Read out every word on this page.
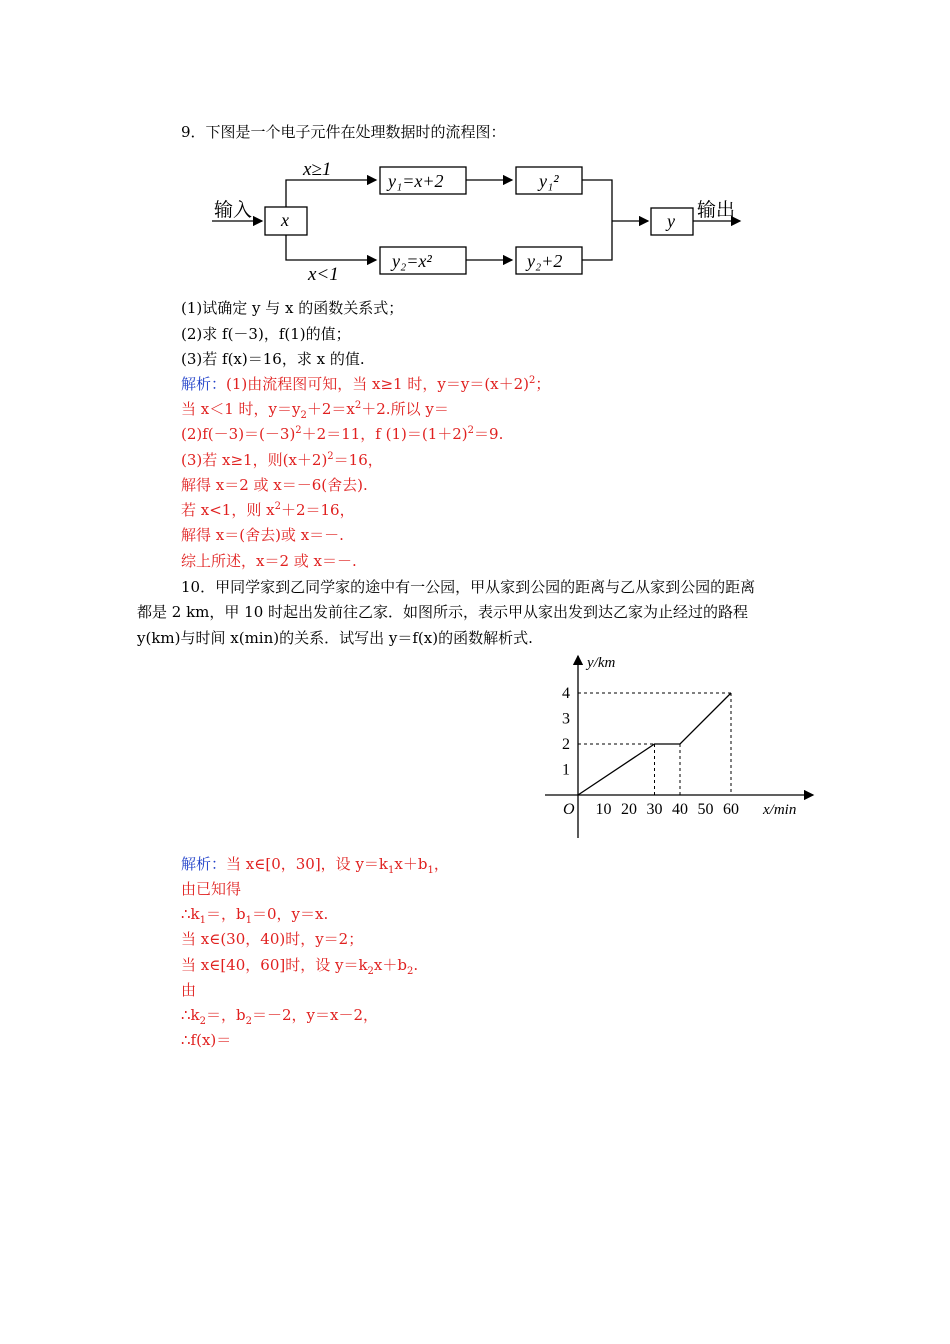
9．下图是一个电子元件在处理数据时的流程图：
输入 x
x≥1
x<1
y₁=x+2	y₁²
y₂=x²	y₂+2
y 输出
(1)试确定 y 与 x 的函数关系式；
(2)求 f(－3)，f(1)的值；
(3)若 f(x)＝16，求 x 的值.
解析：(1)由流程图可知，当 x≥1 时，$y=y=(x+2)^2$；
当 x＜1 时，$y=y_2+2=x^2+2$.所以 y＝
$(2)f(-3)=(-3)^2+2=11$，f $(1)=(1+2)^2=9$.
(3)若 x≥1，则$(x+2)^2=16$，
解得 x＝2 或 x＝－6(舍去).
若 x<1，则 $x^2+2=16$，
解得 x＝(舍去)或 x＝－.
综上所述，x＝2 或 x＝－.
10．甲同学家到乙同学家的途中有一公园，甲从家到公园的距离与乙从家到公园的距离
都是 2 km，甲 10 时起出发前往乙家．如图所示，表示甲从家出发到达乙家为止经过的路程
y(km)与时间 x(min)的关系．试写出 y＝f(x)的函数解析式.
y/km
x/min
O 10 20 30 40 50 60
1
2
3
4
解析：当 x∈[0，30]，设 $y=k_1x+b_1$，
由已知得
$\therefore k_1=$，$b_1=0$，y＝x.
当 x∈(30，40)时，y＝2；
当 x∈[40，60]时，设 $y=k_2x+b_2$.
由
$\therefore k_2=$，$b_2=-2$，y＝x－2，
∴f(x)＝
